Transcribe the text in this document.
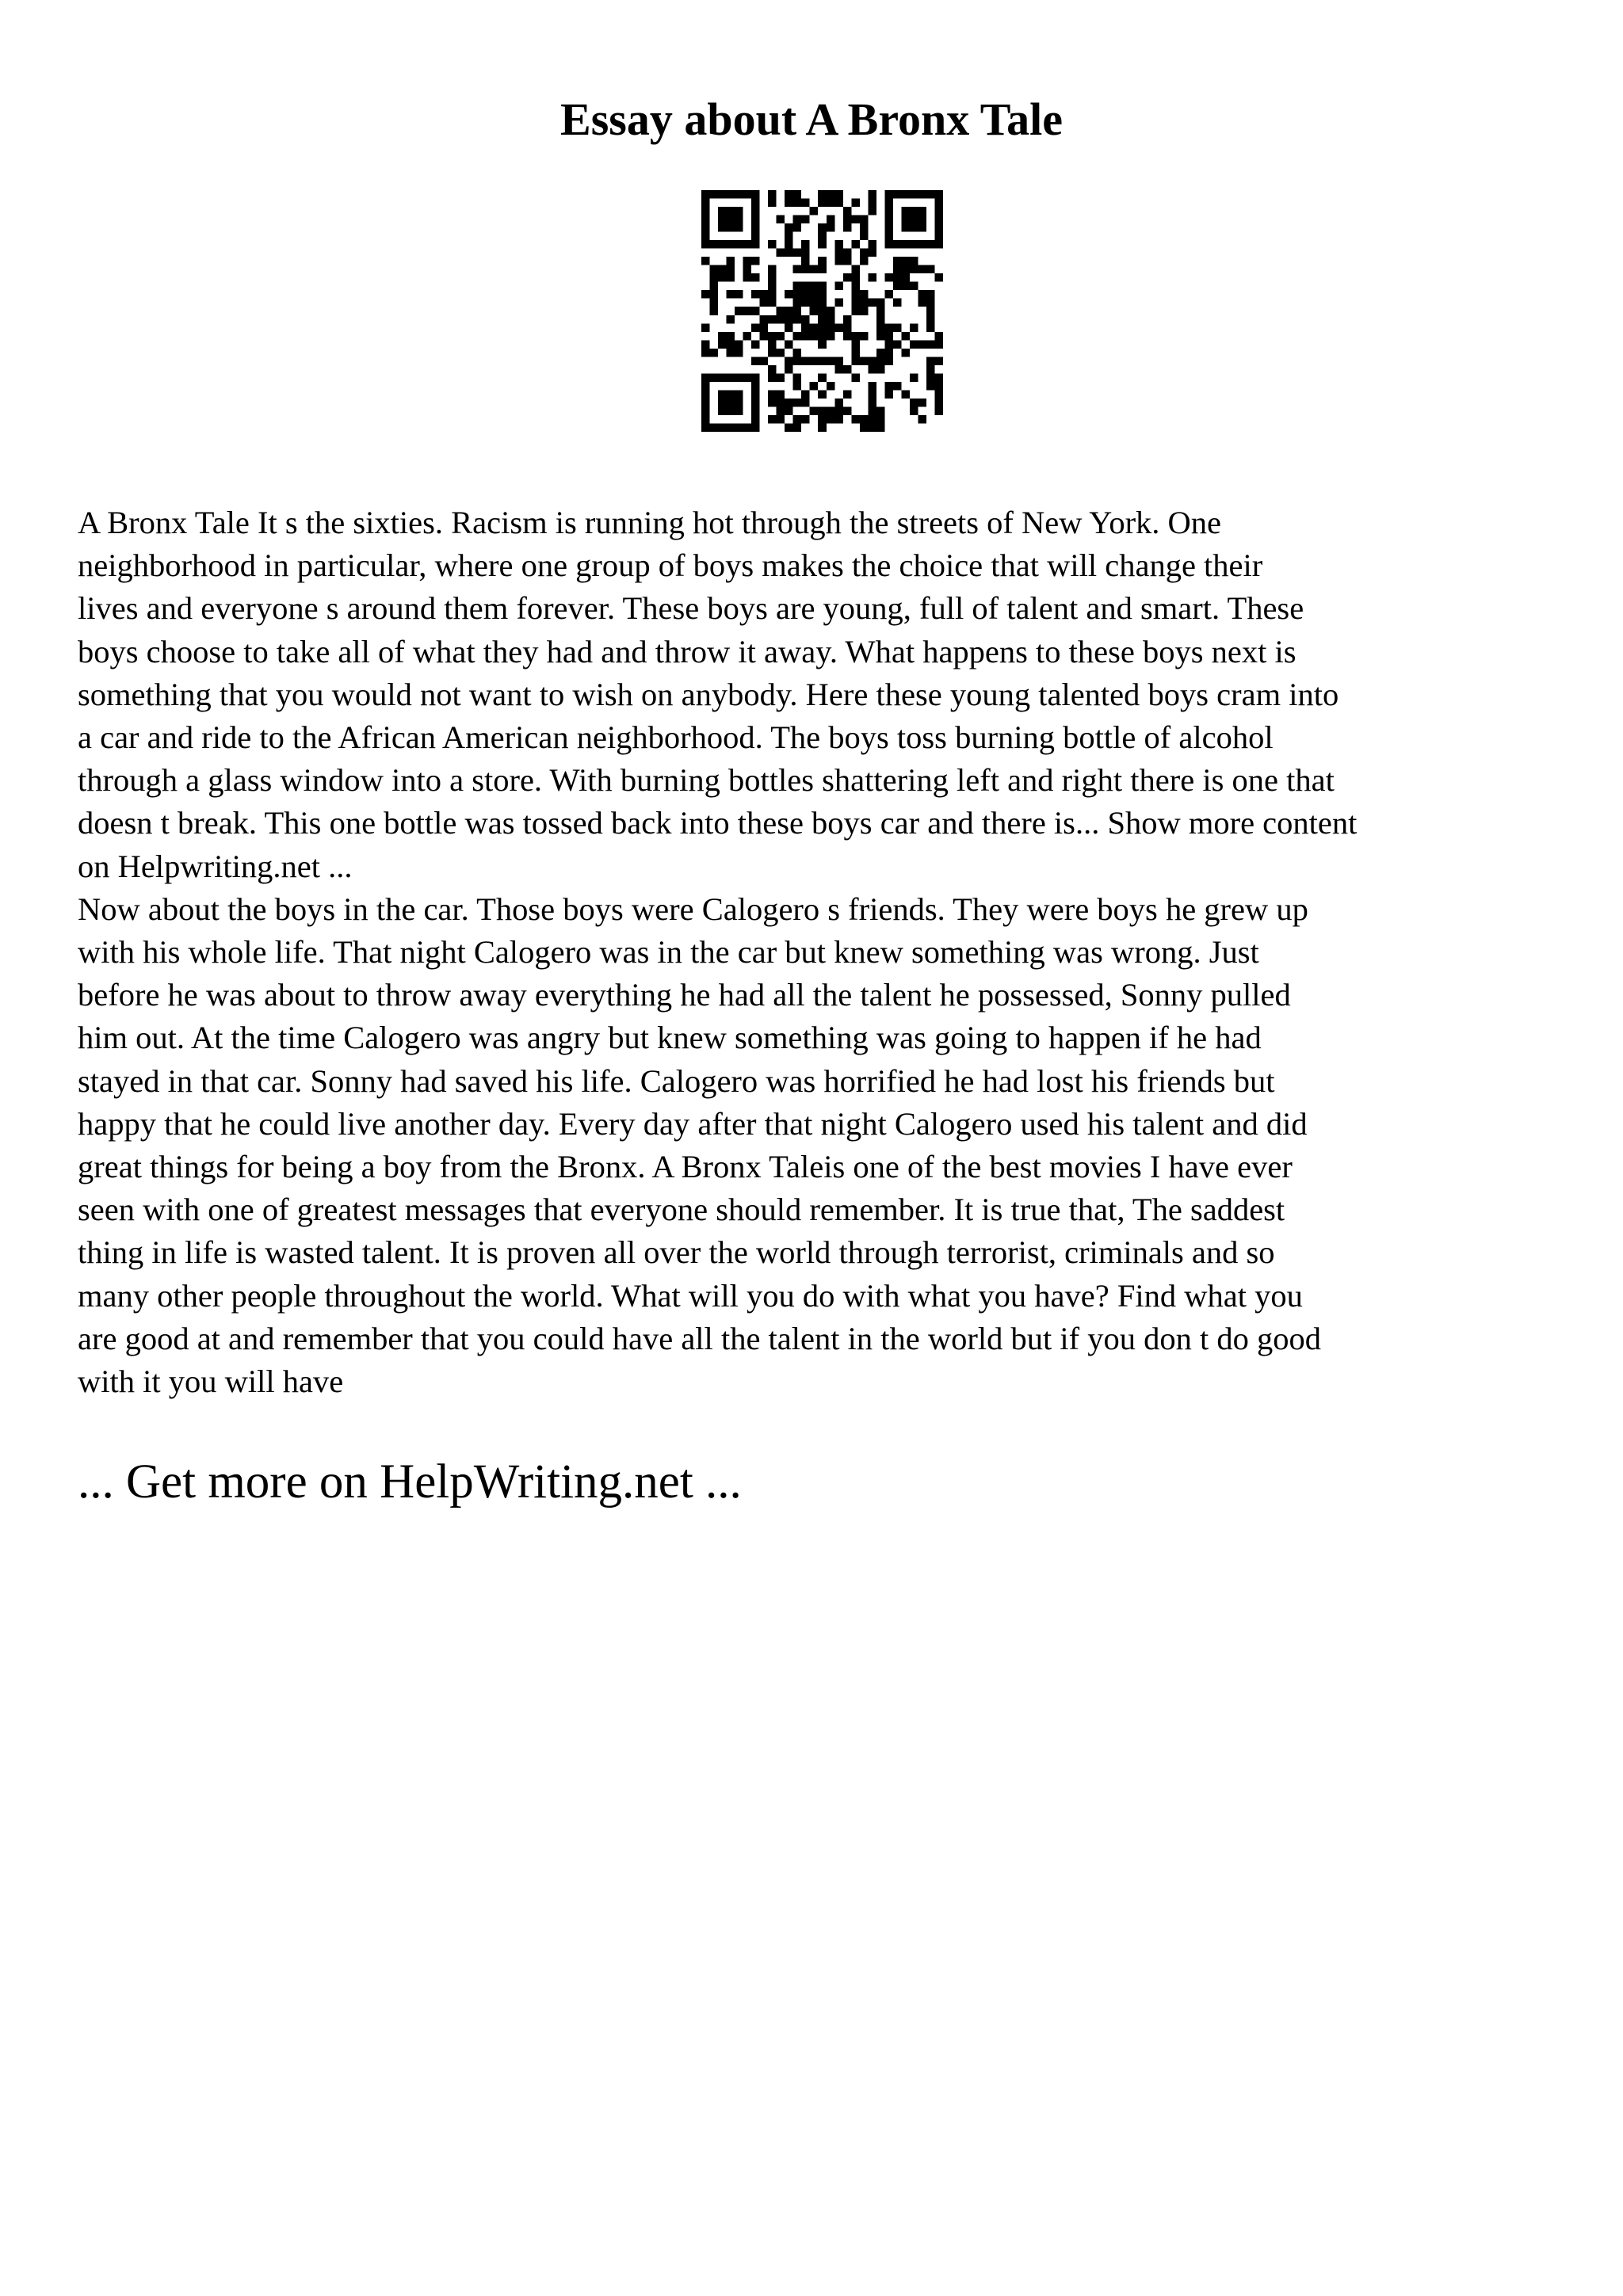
Essay about A Bronx Tale

A Bronx Tale It s the sixties. Racism is running hot through the streets of New York. One
neighborhood in particular, where one group of boys makes the choice that will change their
lives and everyone s around them forever. These boys are young, full of talent and smart. These
boys choose to take all of what they had and throw it away. What happens to these boys next is
something that you would not want to wish on anybody. Here these young talented boys cram into
a car and ride to the African American neighborhood. The boys toss burning bottle of alcohol
through a glass window into a store. With burning bottles shattering left and right there is one that
doesn t break. This one bottle was tossed back into these boys car and there is... Show more content
on Helpwriting.net ...

Now about the boys in the car. Those boys were Calogero s friends. They were boys he grew up
with his whole life. That night Calogero was in the car but knew something was wrong. Just
before he was about to throw away everything he had all the talent he possessed, Sonny pulled
him out. At the time Calogero was angry but knew something was going to happen if he had
stayed in that car. Sonny had saved his life. Calogero was horrified he had lost his friends but
happy that he could live another day. Every day after that night Calogero used his talent and did
great things for being a boy from the Bronx. A Bronx Taleis one of the best movies I have ever
seen with one of greatest messages that everyone should remember. It is true that, The saddest
thing in life is wasted talent. It is proven all over the world through terrorist, criminals and so
many other people throughout the world. What will you do with what you have? Find what you
are good at and remember that you could have all the talent in the world but if you don t do good
with it you will have

... Get more on HelpWriting.net ...
